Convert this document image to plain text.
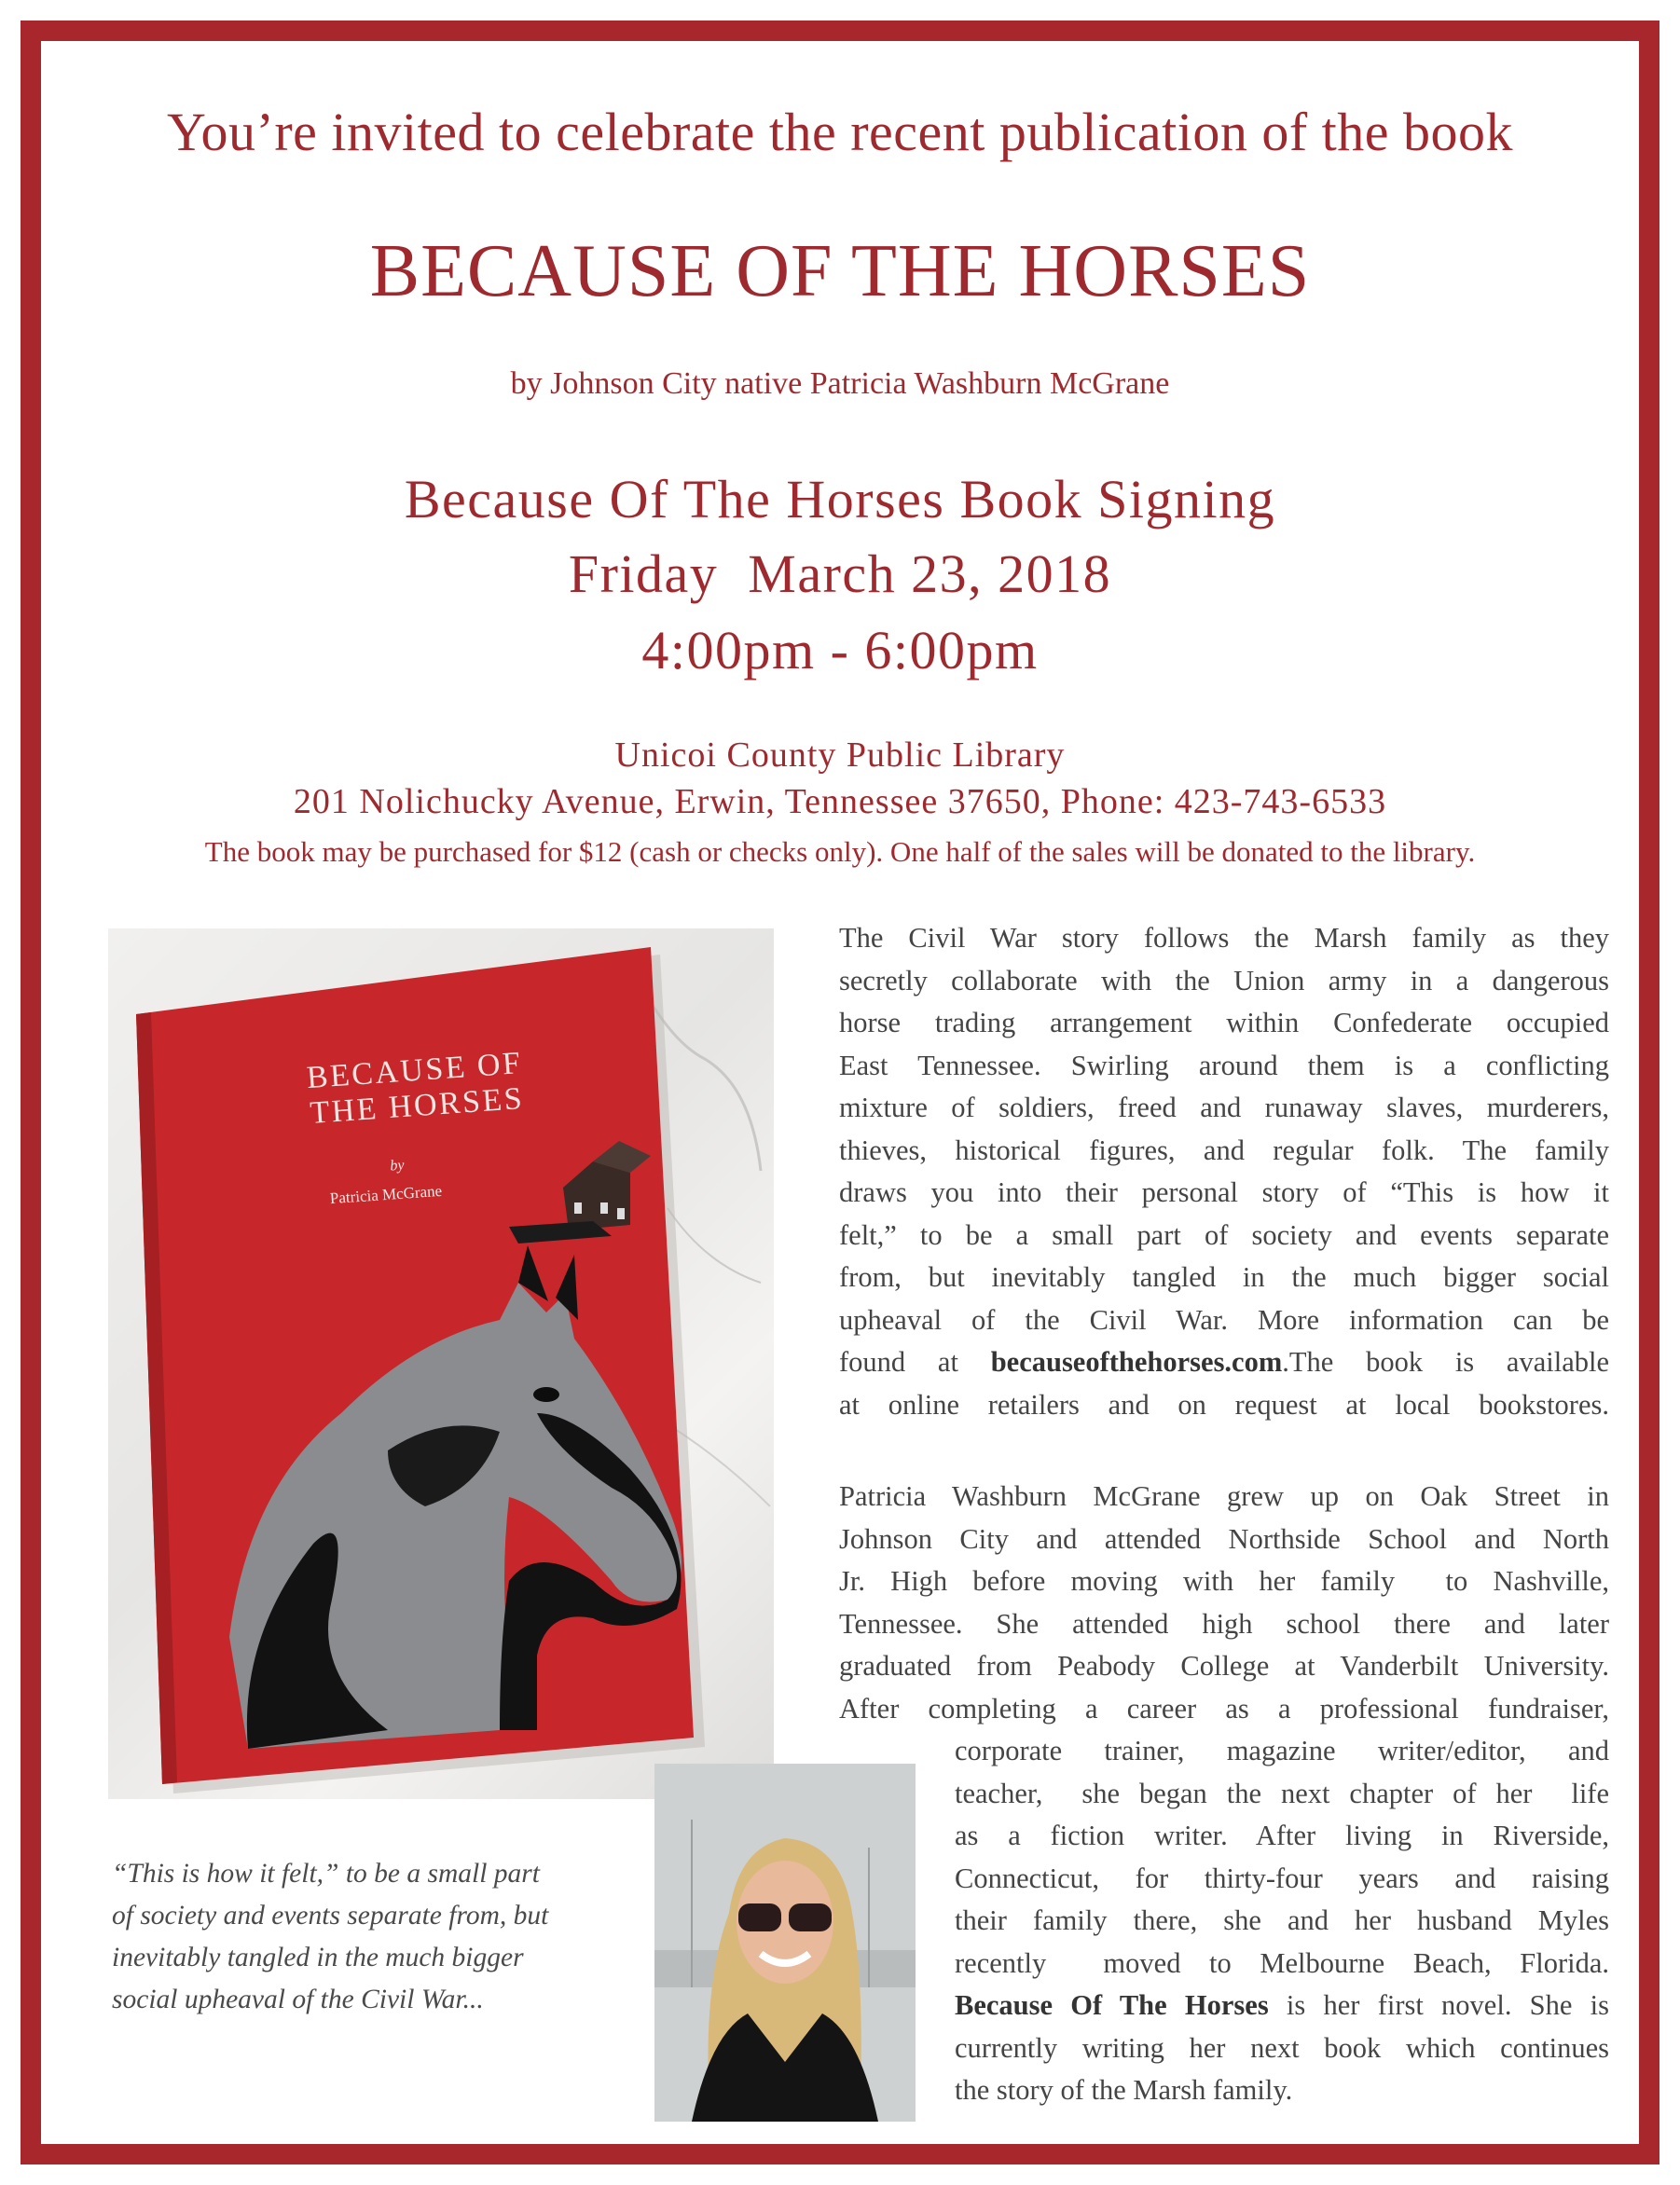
You’re invited to celebrate the recent publication of the book
BECAUSE OF THE HORSES
by Johnson City native Patricia Washburn McGrane
Because Of The Horses Book Signing
Friday  March 23, 2018
4:00pm - 6:00pm
Unicoi County Public Library
201 Nolichucky Avenue, Erwin, Tennessee 37650, Phone: 423-743-6533
The book may be purchased for $12 (cash or checks only). One half of the sales will be donated to the library.
BECAUSE OF
THE HORSES
by
Patricia McGrane
“This is how it felt,” to be a small part
of society and events separate from, but
inevitably tangled in the much bigger
social upheaval of the Civil War...
The Civil War story follows the Marsh family as they
secretly collaborate with the Union army in a dangerous
horse trading arrangement within Confederate occupied
East Tennessee. Swirling around them is a conflicting
mixture of soldiers, freed and runaway slaves, murderers,
thieves, historical figures, and regular folk. The family
draws you into their personal story of “This is how it
felt,” to be a small part of society and events separate
from, but inevitably tangled in the much bigger social
upheaval of the Civil War. More information can be
found at becauseofthehorses.com.The book is available
at online retailers and on request at local bookstores.
Patricia Washburn McGrane grew up on Oak Street in
Johnson City and attended Northside School and North
Jr. High before moving with her family  to Nashville,
Tennessee. She attended high school there and later
graduated from Peabody College at Vanderbilt University.
After completing a career as a professional fundraiser,
corporate trainer, magazine writer/editor, and
teacher,  she began the next chapter of her  life
as a fiction writer. After living in Riverside,
Connecticut, for thirty-four years and raising
their family there, she and her husband Myles
recently  moved to Melbourne Beach, Florida.
Because Of The Horses is her first novel. She is
currently writing her next book which continues
the story of the Marsh family.
